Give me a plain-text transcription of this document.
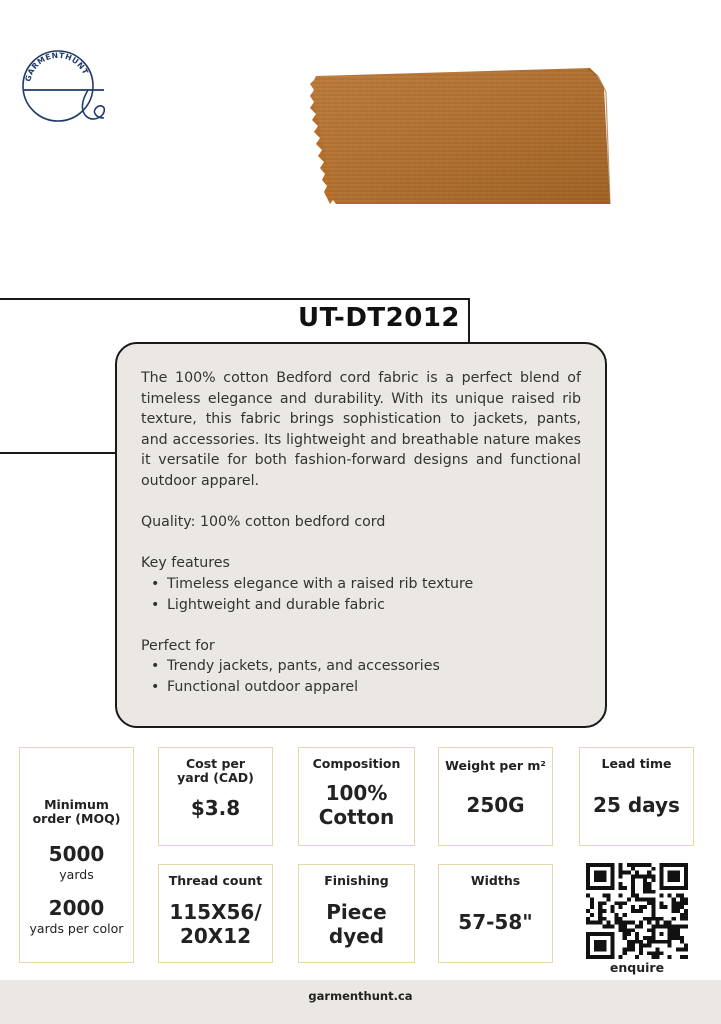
GARMENTHUNT
UT-DT2012

The 100% cotton Bedford cord fabric is a perfect blend of timeless elegance and durability. With its unique raised rib texture, this fabric brings sophistication to jackets, pants, and accessories. Its lightweight and breathable nature makes it versatile for both fashion-forward designs and functional outdoor apparel.

Quality: 100% cotton bedford cord

Key features

• Timeless elegance with a raised rib texture
• Lightweight and durable fabric

Perfect for

• Trendy jackets, pants, and accessories
• Functional outdoor apparel
Minimum order (MOQ)
5000
yards
2000
yards per color
Cost per yard (CAD)
$3.8
Composition
100%
Cotton
Weight per m²
250G
Lead time
25 days
Thread count
115X56/
20X12
Finishing
Piece
dyed
Widths
57-58"
enquire
garmenthunt.ca
